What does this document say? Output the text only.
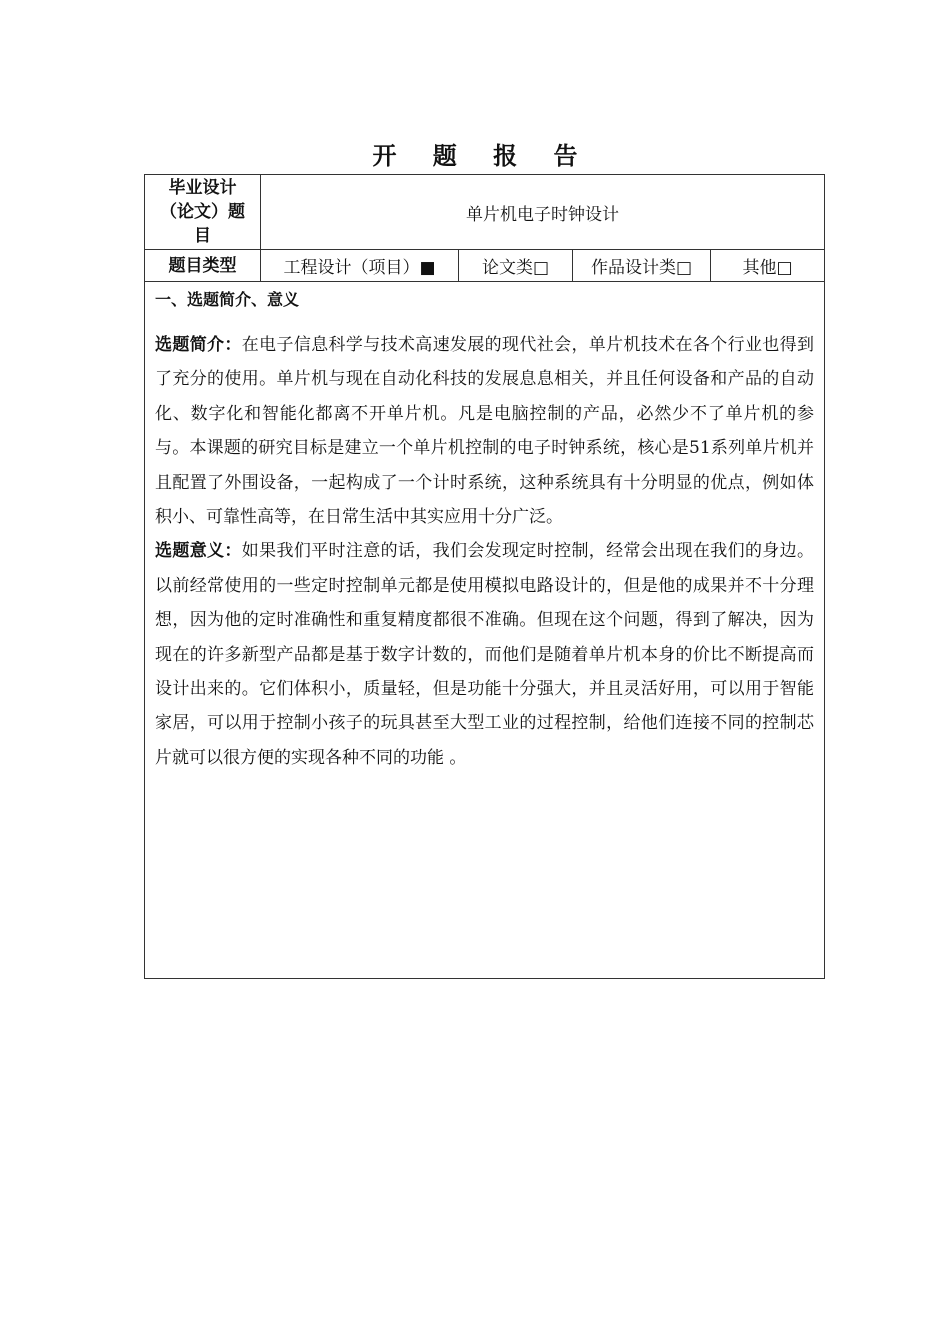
开 题 报 告
毕业设计（论文）题目	单片机电子时钟设计			
题目类型	工程设计（项目）■	论文类□	作品设计类□	其他□

一、选题简介、意义

选题简介：在电子信息科学与技术高速发展的现代社会，单片机技术在各个行业也得到了充分的使用。单片机与现在自动化科技的发展息息相关，并且任何设备和产品的自动化、数字化和智能化都离不开单片机。凡是电脑控制的产品，必然少不了单片机的参与。本课题的研究目标是建立一个单片机控制的电子时钟系统，核心是51系列单片机并且配置了外围设备，一起构成了一个计时系统，这种系统具有十分明显的优点，例如体积小、可靠性高等，在日常生活中其实应用十分广泛。

选题意义：如果我们平时注意的话，我们会发现定时控制，经常会出现在我们的身边。以前经常使用的一些定时控制单元都是使用模拟电路设计的，但是他的成果并不十分理想，因为他的定时准确性和重复精度都很不准确。但现在这个问题，得到了解决，因为现在的许多新型产品都是基于数字计数的，而他们是随着单片机本身的价比不断提高而设计出来的。它们体积小，质量轻，但是功能十分强大，并且灵活好用，可以用于智能家居，可以用于控制小孩子的玩具甚至大型工业的过程控制，给他们连接不同的控制芯片就可以很方便的实现各种不同的功能 。				
